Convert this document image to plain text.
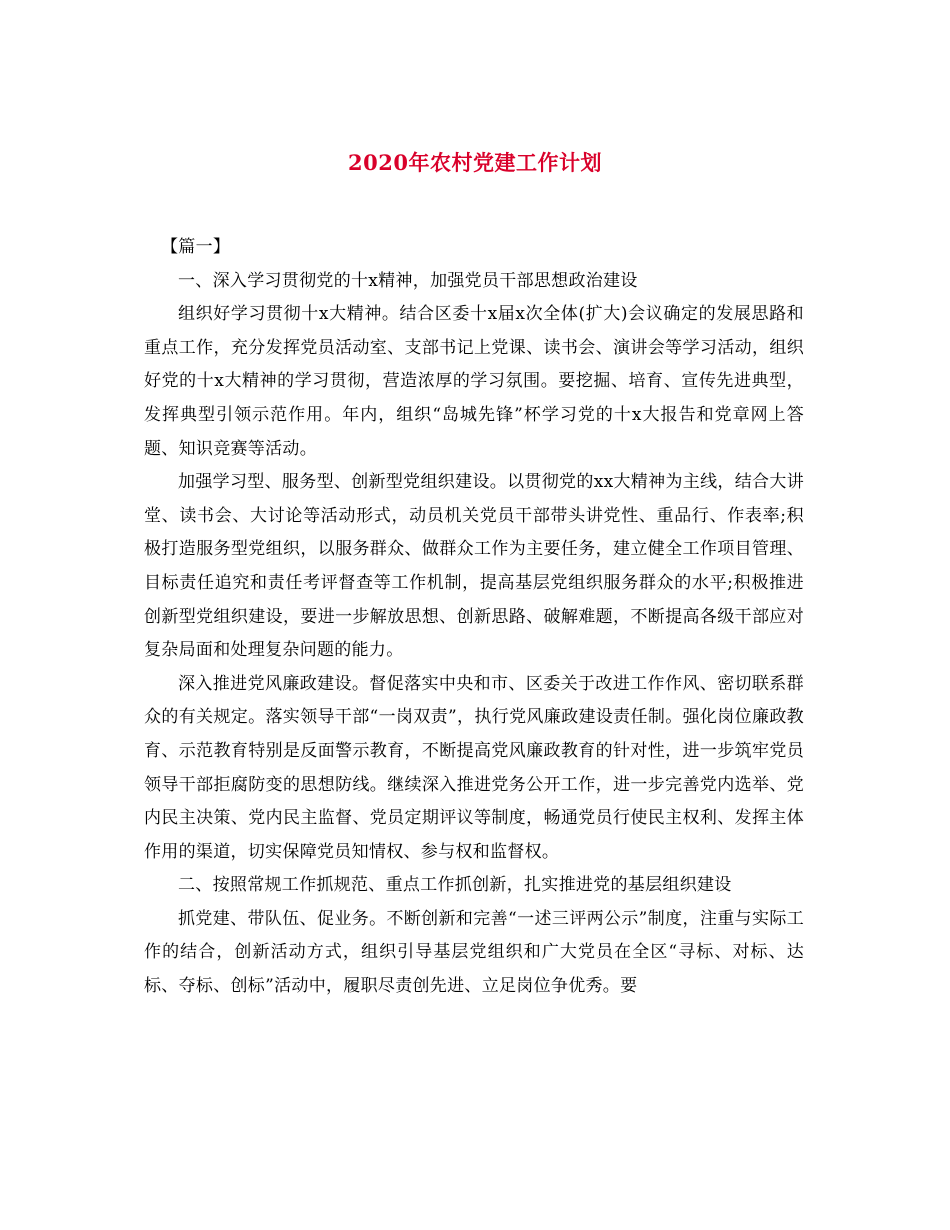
2020年农村党建工作计划

【篇一】

一、深入学习贯彻党的十x精神，加强党员干部思想政治建设

组织好学习贯彻十x大精神。结合区委十x届x次全体(扩大)会议确定的发展思路和重点工作，充分发挥党员活动室、支部书记上党课、读书会、演讲会等学习活动，组织好党的十x大精神的学习贯彻，营造浓厚的学习氛围。要挖掘、培育、宣传先进典型，发挥典型引领示范作用。年内，组织“岛城先锋”杯学习党的十x大报告和党章网上答题、知识竞赛等活动。

加强学习型、服务型、创新型党组织建设。以贯彻党的xx大精神为主线，结合大讲堂、读书会、大讨论等活动形式，动员机关党员干部带头讲党性、重品行、作表率;积极打造服务型党组织，以服务群众、做群众工作为主要任务，建立健全工作项目管理、目标责任追究和责任考评督查等工作机制，提高基层党组织服务群众的水平;积极推进创新型党组织建设，要进一步解放思想、创新思路、破解难题，不断提高各级干部应对复杂局面和处理复杂问题的能力。

深入推进党风廉政建设。督促落实中央和市、区委关于改进工作作风、密切联系群众的有关规定。落实领导干部“一岗双责”，执行党风廉政建设责任制。强化岗位廉政教育、示范教育特别是反面警示教育，不断提高党风廉政教育的针对性，进一步筑牢党员领导干部拒腐防变的思想防线。继续深入推进党务公开工作，进一步完善党内选举、党内民主决策、党内民主监督、党员定期评议等制度，畅通党员行使民主权利、发挥主体作用的渠道，切实保障党员知情权、参与权和监督权。

二、按照常规工作抓规范、重点工作抓创新，扎实推进党的基层组织建设

抓党建、带队伍、促业务。不断创新和完善“一述三评两公示”制度，注重与实际工作的结合，创新活动方式，组织引导基层党组织和广大党员在全区“寻标、对标、达标、夺标、创标”活动中，履职尽责创先进、立足岗位争优秀。要
